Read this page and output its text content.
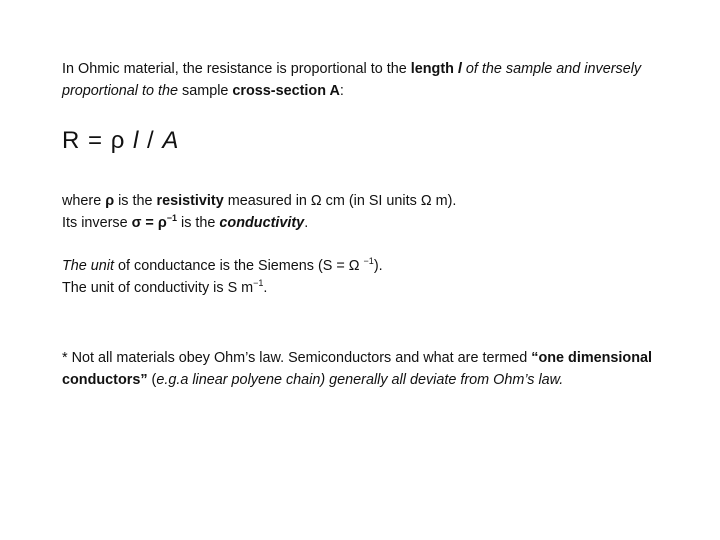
In Ohmic material, the resistance is proportional to the length l of the sample and inversely proportional to the sample cross-section A:

R = ρ l / A

where ρ is the resistivity measured in Ω cm (in SI units Ω m).
Its inverse $\sigma = \rho^{-1}$ is the conductivity.

The unit of conductance is the Siemens (S = Ω $^{-1}$).
The unit of conductivity is S $m^{-1}$.

* Not all materials obey Ohm’s law. Semiconductors and what are termed “one dimensional conductors” (e.g.a linear polyene chain) generally all deviate from Ohm’s law.
